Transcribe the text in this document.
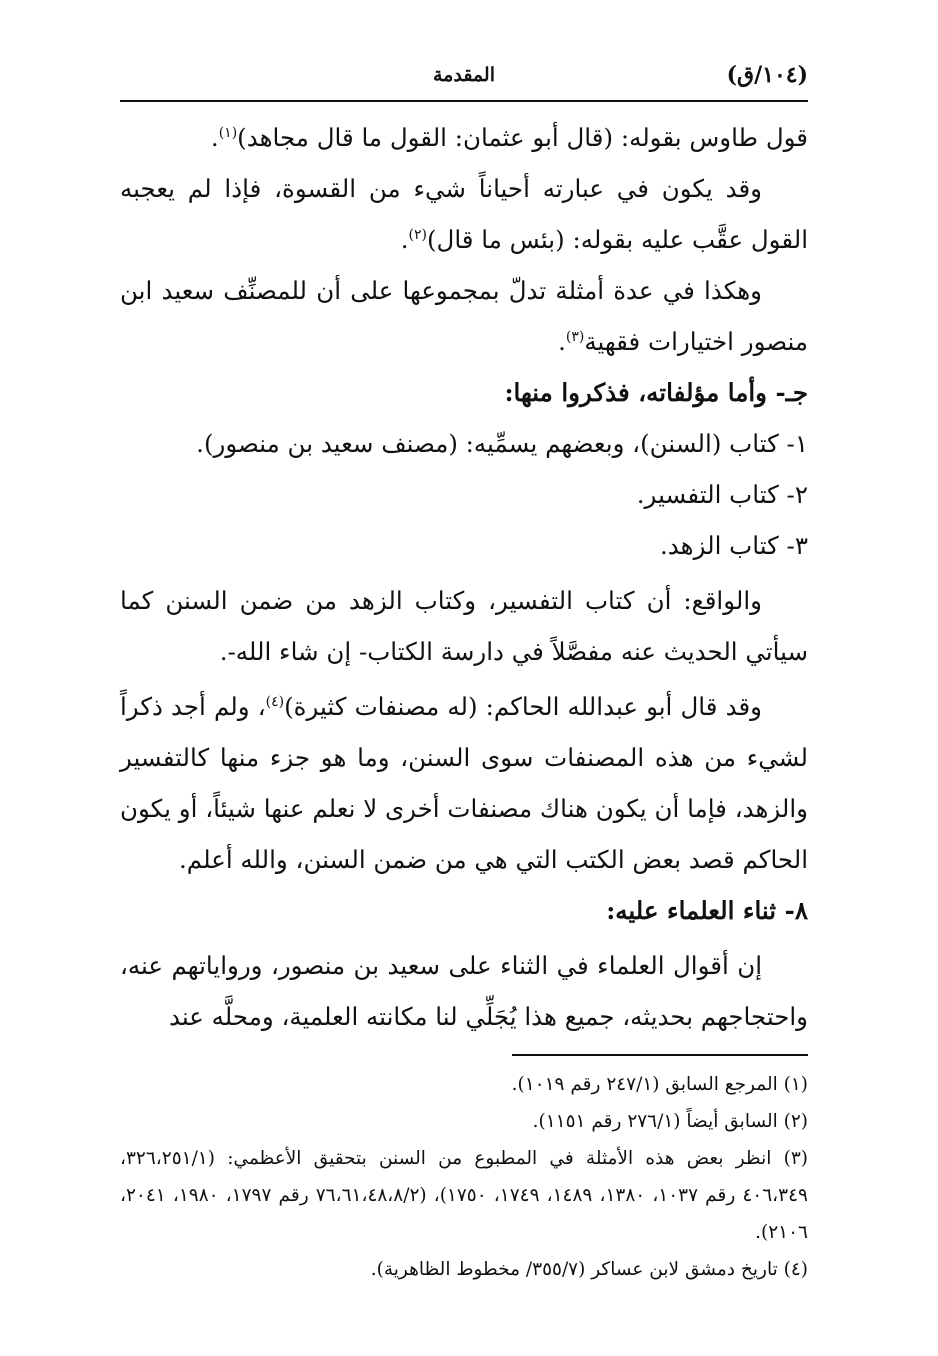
(١٠٤/ق)
المقدمة

قول طاوس بقوله: (قال أبو عثمان: القول ما قال مجاهد)$^{(١)}$.

وقد يكون في عبارته أحياناً شيء من القسوة، فإذا لم يعجبه القول عقَّب عليه بقوله: (بئس ما قال)$^{(٢)}$.

وهكذا في عدة أمثلة تدلّ بمجموعها على أن للمصنِّف سعيد ابن منصور اختيارات فقهية$^{(٣)}$.

جـ- وأما مؤلفاته، فذكروا منها:

١- كتاب (السنن)، وبعضهم يسمِّيه: (مصنف سعيد بن منصور).

٢- كتاب التفسير.

٣- كتاب الزهد.

والواقع: أن كتاب التفسير، وكتاب الزهد من ضمن السنن كما سيأتي الحديث عنه مفصَّلاً في دارسة الكتاب- إن شاء الله-.

وقد قال أبو عبدالله الحاكم: (له مصنفات كثيرة)$^{(٤)}$، ولم أجد ذكراً لشيء من هذه المصنفات سوى السنن، وما هو جزء منها كالتفسير والزهد، فإما أن يكون هناك مصنفات أخرى لا نعلم عنها شيئاً، أو يكون الحاكم قصد بعض الكتب التي هي من ضمن السنن، والله أعلم.

٨- ثناء العلماء عليه:

إن أقوال العلماء في الثناء على سعيد بن منصور، ورواياتهم عنه، واحتجاجهم بحديثه، جميع هذا يُجَلِّي لنا مكانته العلمية، ومحلَّه عند

(١) المرجع السابق (٢٤٧/١ رقم ١٠١٩).

(٢) السابق أيضاً (٢٧٦/١ رقم ١١٥١).

(٣) انظر بعض هذه الأمثلة في المطبوع من السنن بتحقيق الأعظمي: (٣٢٦،٢٥١/١، ٤٠٦،٣٤٩ رقم ١٠٣٧، ١٣٨٠، ١٤٨٩، ١٧٤٩، ١٧٥٠)، (٧٦،٦١،٤٨،٨/٢ رقم ١٧٩٧، ١٩٨٠، ٢٠٤١، ٢١٠٦).

(٤) تاريخ دمشق لابن عساكر (٣٥٥/٧/ مخطوط الظاهرية).
